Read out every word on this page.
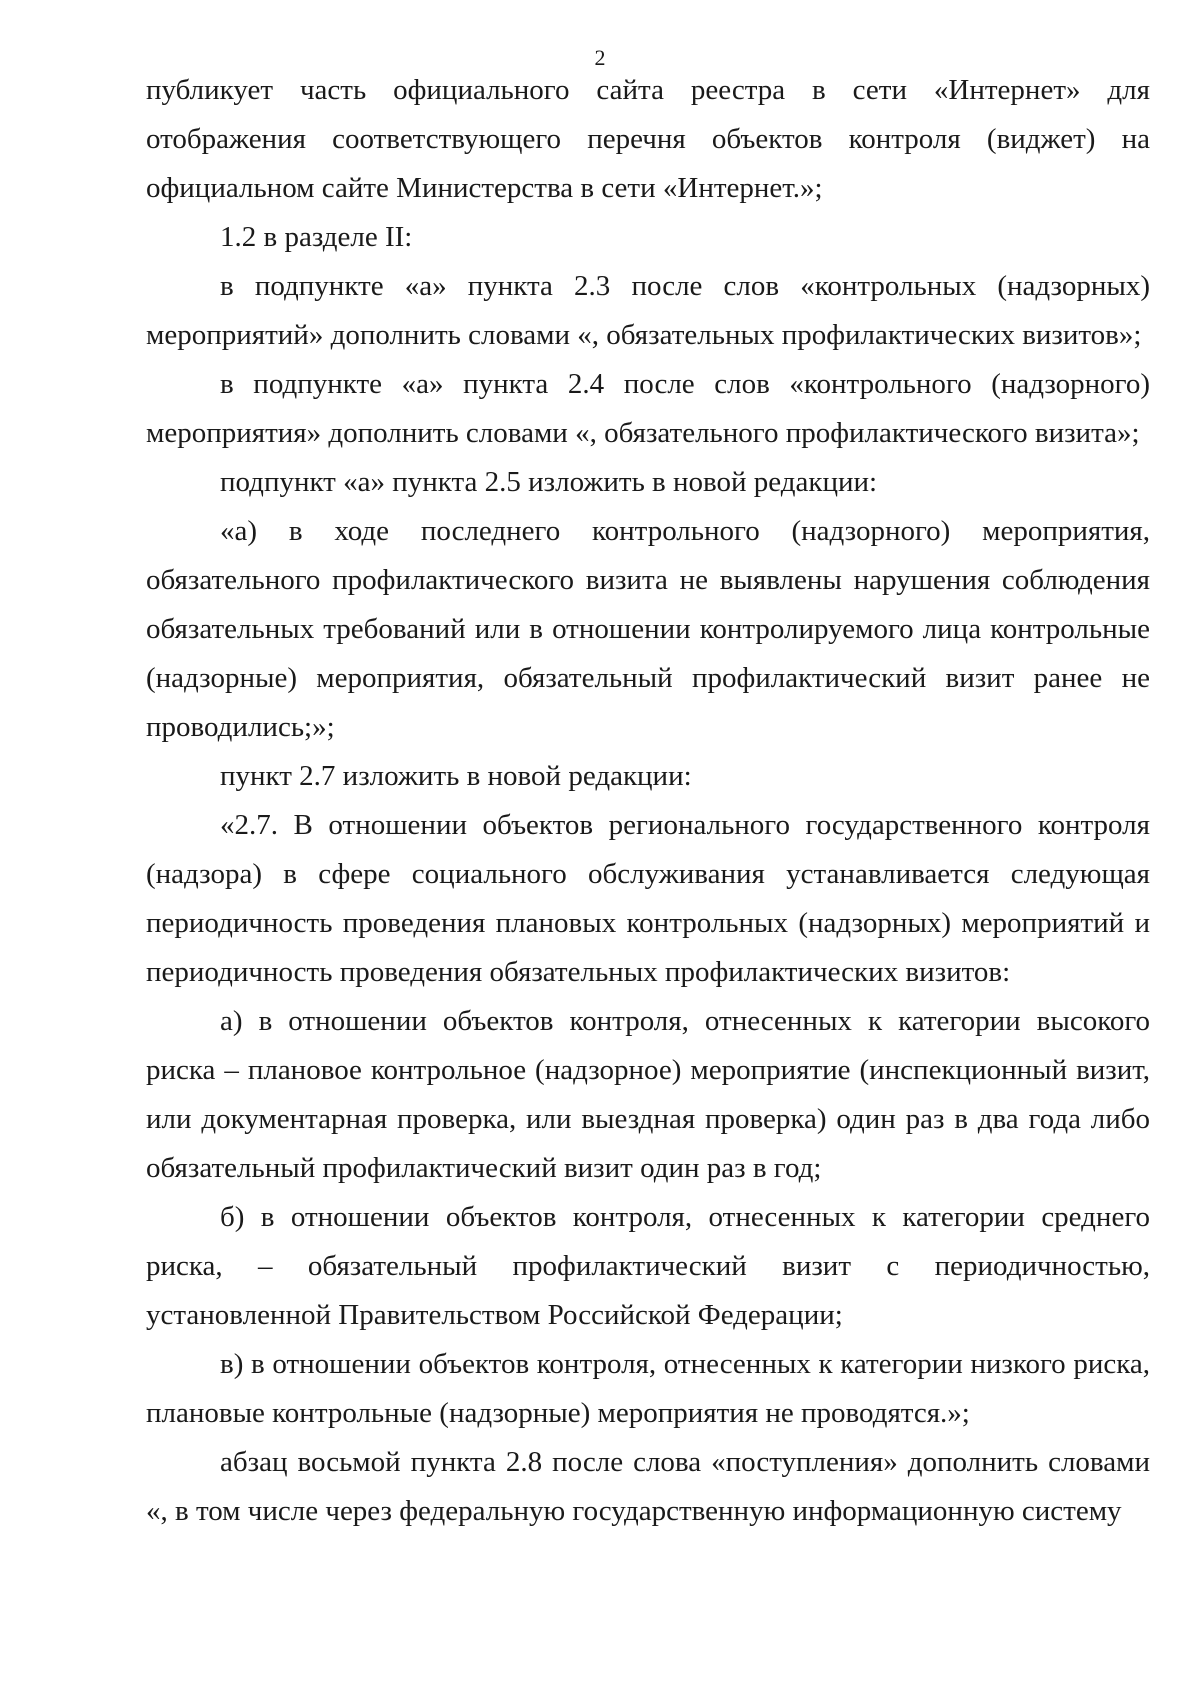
2

публикует часть официального сайта реестра в сети «Интернет» для отображения соответствующего перечня объектов контроля (виджет) на официальном сайте Министерства в сети «Интернет.»;

1.2 в разделе II:

в подпункте «а» пункта 2.3 после слов «контрольных (надзорных) мероприятий» дополнить словами «, обязательных профилактических визитов»;

в подпункте «а» пункта 2.4 после слов «контрольного (надзорного) мероприятия» дополнить словами «, обязательного профилактического визита»;

подпункт «а» пункта 2.5 изложить в новой редакции:

«а) в ходе последнего контрольного (надзорного) мероприятия, обязательного профилактического визита не выявлены нарушения соблюдения обязательных требований или в отношении контролируемого лица контрольные (надзорные) мероприятия, обязательный профилактический визит ранее не проводились;»;

пункт 2.7 изложить в новой редакции:

«2.7. В отношении объектов регионального государственного контроля (надзора) в сфере социального обслуживания устанавливается следующая периодичность проведения плановых контрольных (надзорных) мероприятий и периодичность проведения обязательных профилактических визитов:

а) в отношении объектов контроля, отнесенных к категории высокого риска – плановое контрольное (надзорное) мероприятие (инспекционный визит, или документарная проверка, или выездная проверка) один раз в два года либо обязательный профилактический визит один раз в год;

б) в отношении объектов контроля, отнесенных к категории среднего риска, – обязательный профилактический визит с периодичностью, установленной Правительством Российской Федерации;

в) в отношении объектов контроля, отнесенных к категории низкого риска, плановые контрольные (надзорные) мероприятия не проводятся.»;

абзац восьмой пункта 2.8 после слова «поступления» дополнить словами «, в том числе через федеральную государственную информационную систему
